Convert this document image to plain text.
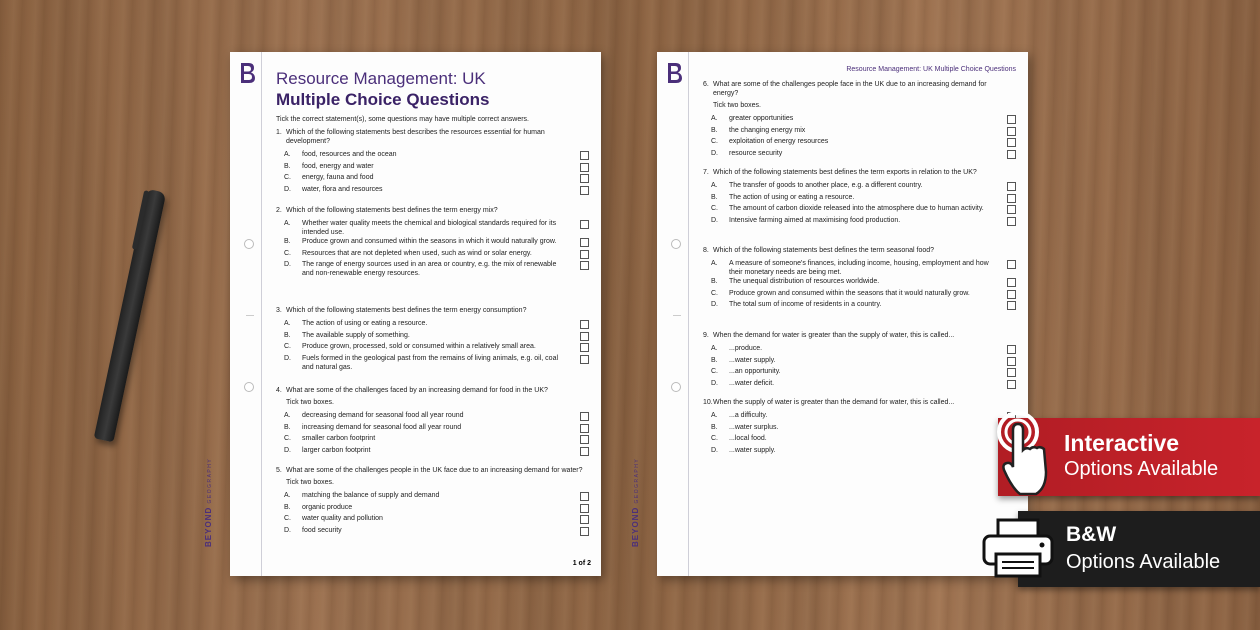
BEYOND GEOGRAPHY
Resource Management: UK
Multiple Choice Questions
Tick the correct statement(s), some questions may have multiple correct answers.
1. Which of the following statements best describes the resources essential for human development?
A.	food, resources and the ocean
B.	food, energy and water
C.	energy, fauna and food
D.	water, flora and resources
2. Which of the following statements best defines the term energy mix?
A.	Whether water quality meets the chemical and biological standards required for its intended use.
B.	Produce grown and consumed within the seasons in which it would naturally grow.
C.	Resources that are not depleted when used, such as wind or solar energy.
D.	The range of energy sources used in an area or country, e.g. the mix of renewable and non-renewable energy resources.
3. Which of the following statements best defines the term energy consumption?
A.	The action of using or eating a resource.
B.	The available supply of something.
C.	Produce grown, processed, sold or consumed within a relatively small area.
D.	Fuels formed in the geological past from the remains of living animals, e.g. oil, coal and natural gas.
4. What are some of the challenges faced by an increasing demand for food in the UK?
Tick two boxes.
A.	decreasing demand for seasonal food all year round
B.	increasing demand for seasonal food all year round
C.	smaller carbon footprint
D.	larger carbon footprint
5. What are some of the challenges people in the UK face due to an increasing demand for water?
Tick two boxes.
A.	matching the balance of supply and demand
B.	organic produce
C.	water quality and pollution
D.	food security
1 of 2
BEYOND GEOGRAPHY
Resource Management: UK Multiple Choice Questions
6. What are some of the challenges people face in the UK due to an increasing demand for energy?
Tick two boxes.
A.	greater opportunities
B.	the changing energy mix
C.	exploitation of energy resources
D.	resource security
7. Which of the following statements best defines the term exports in relation to the UK?
A.	The transfer of goods to another place, e.g. a different country.
B.	The action of using or eating a resource.
C.	The amount of carbon dioxide released into the atmosphere due to human activity.
D.	Intensive farming aimed at maximising food production.
8. Which of the following statements best defines the term seasonal food?
A.	A measure of someone's finances, including income, housing, employment and how their monetary needs are being met.
B.	The unequal distribution of resources worldwide.
C.	Produce grown and consumed within the seasons that it would naturally grow.
D.	The total sum of income of residents in a country.
9. When the demand for water is greater than the supply of water, this is called...
A.	...produce.
B.	...water supply.
C.	...an opportunity.
D.	...water deficit.
10. When the supply of water is greater than the demand for water, this is called...
A.	...a difficulty.
B.	...water surplus.
C.	...local food.
D.	...water supply.	Interactive
Options Available
B&W
Options Available
